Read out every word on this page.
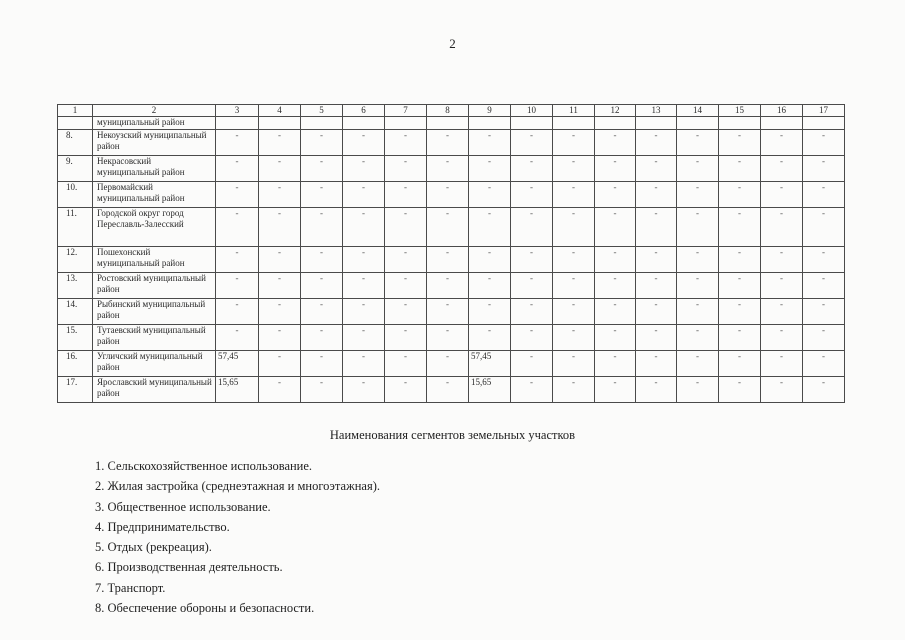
2
1	2	3	4	5	6	7	8	9	10	11	12	13	14	15	16	17
	муниципальный район															
8.	Некоузский муниципальный район	-	-	-	-	-	-	-	-	-	-	-	-	-	-	-
9.	Некрасовский муниципальный район	-	-	-	-	-	-	-	-	-	-	-	-	-	-	-
10.	Первомайский муниципальный район	-	-	-	-	-	-	-	-	-	-	-	-	-	-	-
11.	Городской округ город Переславль-Залесский	-	-	-	-	-	-	-	-	-	-	-	-	-	-	-
12.	Пошехонский муниципальный район	-	-	-	-	-	-	-	-	-	-	-	-	-	-	-
13.	Ростовский муниципальный район	-	-	-	-	-	-	-	-	-	-	-	-	-	-	-
14.	Рыбинский муниципальный район	-	-	-	-	-	-	-	-	-	-	-	-	-	-	-
15.	Тутаевский муниципальный район	-	-	-	-	-	-	-	-	-	-	-	-	-	-	-
16.	Угличский муниципальный район	57,45	-	-	-	-	-	57,45	-	-	-	-	-	-	-	-
17.	Ярославский муниципальный район	15,65	-	-	-	-	-	15,65	-	-	-	-	-	-	-	-
Наименования сегментов земельных участков
1. Сельскохозяйственное использование.
2. Жилая застройка (среднеэтажная и многоэтажная).
3. Общественное использование.
4. Предпринимательство.
5. Отдых (рекреация).
6. Производственная деятельность.
7. Транспорт.
8. Обеспечение обороны и безопасности.
